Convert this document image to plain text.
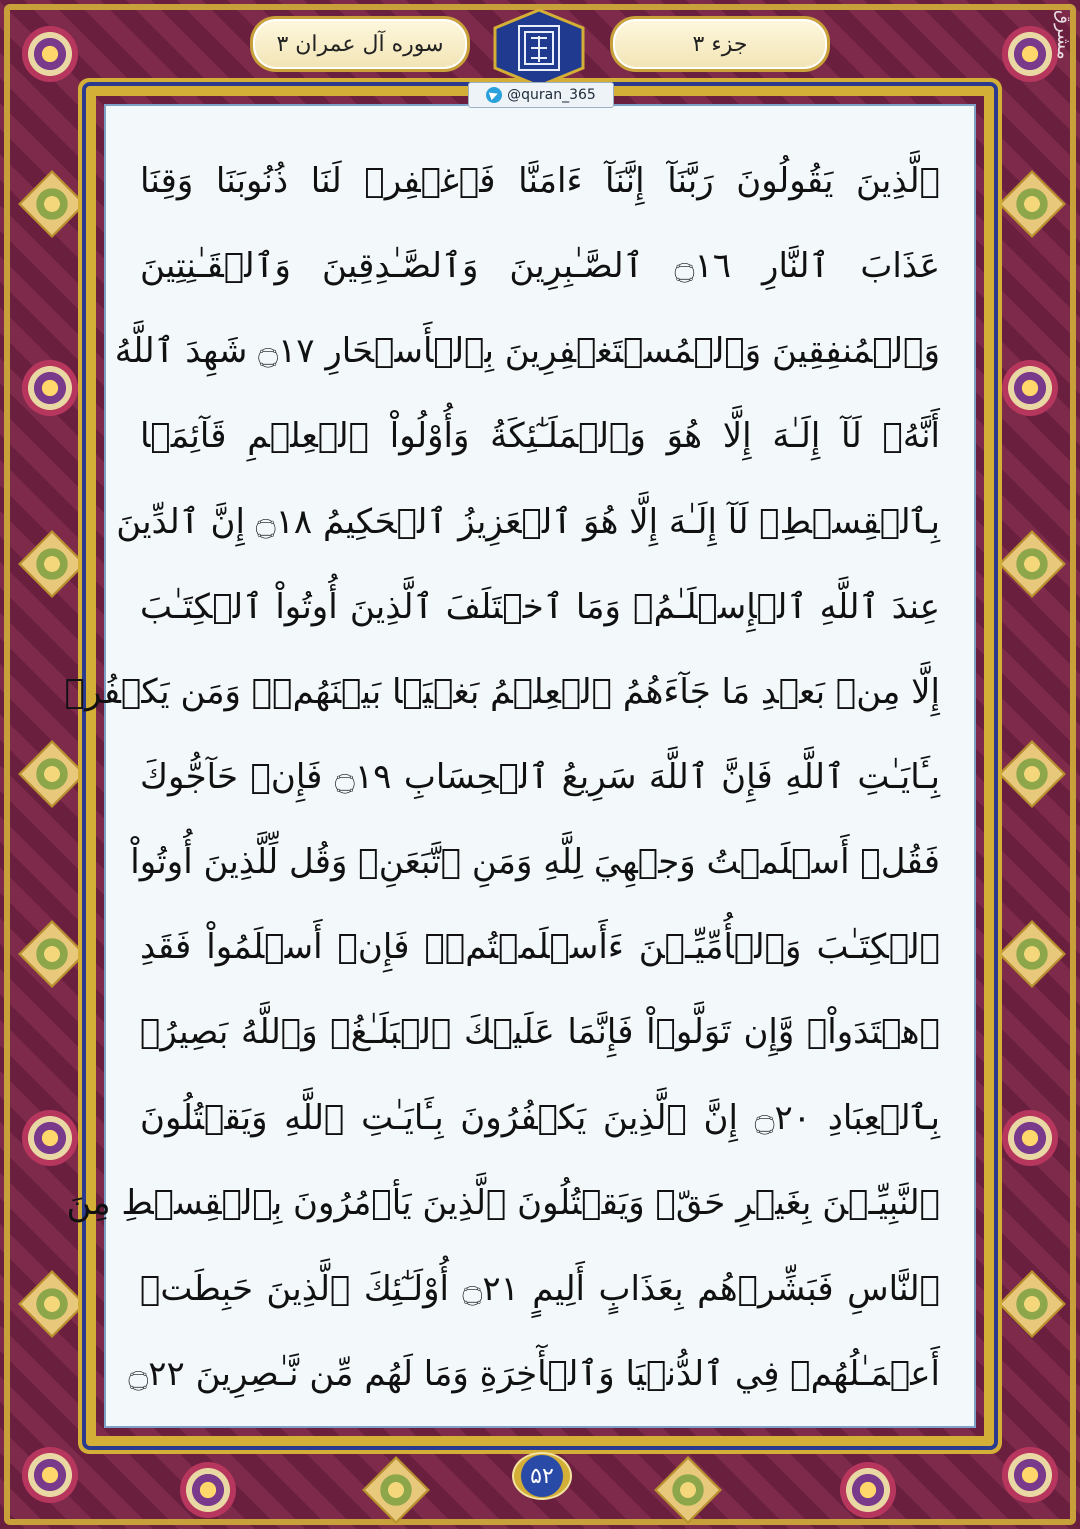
جزء ۳
سوره آل عمران ۳
@quran_365
مشرق
ٱلَّذِينَ يَقُولُونَ رَبَّنَآ إِنَّنَآ ءَامَنَّا فَٱغۡفِرۡ لَنَا ذُنُوبَنَا وَقِنَا
عَذَابَ ٱلنَّارِ ۝١٦ ٱلصَّـٰبِرِينَ وَٱلصَّـٰدِقِينَ وَٱلۡقَـٰنِتِينَ
وَٱلۡمُنفِقِينَ وَٱلۡمُسۡتَغۡفِرِينَ بِٱلۡأَسۡحَارِ ۝١٧ شَهِدَ ٱللَّهُ
أَنَّهُۥ لَآ إِلَـٰهَ إِلَّا هُوَ وَٱلۡمَلَـٰٓئِكَةُ وَأُوْلُواْ ٱلۡعِلۡمِ قَآئِمَۢا
بِٱلۡقِسۡطِۚ لَآ إِلَـٰهَ إِلَّا هُوَ ٱلۡعَزِيزُ ٱلۡحَكِيمُ ۝١٨ إِنَّ ٱلدِّينَ
عِندَ ٱللَّهِ ٱلۡإِسۡلَـٰمُۗ وَمَا ٱخۡتَلَفَ ٱلَّذِينَ أُوتُواْ ٱلۡكِتَـٰبَ
إِلَّا مِنۢ بَعۡدِ مَا جَآءَهُمُ ٱلۡعِلۡمُ بَغۡيَۢا بَيۡنَهُمۡۗ وَمَن يَكۡفُرۡ
بِـَٔايَـٰتِ ٱللَّهِ فَإِنَّ ٱللَّهَ سَرِيعُ ٱلۡحِسَابِ ۝١٩ فَإِنۡ حَآجُّوكَ
فَقُلۡ أَسۡلَمۡتُ وَجۡهِيَ لِلَّهِ وَمَنِ ٱتَّبَعَنِۗ وَقُل لِّلَّذِينَ أُوتُواْ
ٱلۡكِتَـٰبَ وَٱلۡأُمِّيِّـۧنَ ءَأَسۡلَمۡتُمۡۚ فَإِنۡ أَسۡلَمُواْ فَقَدِ
ٱهۡتَدَواْۖ وَّإِن تَوَلَّوۡاْ فَإِنَّمَا عَلَيۡكَ ٱلۡبَلَـٰغُۗ وَٱللَّهُ بَصِيرُۢ
بِٱلۡعِبَادِ ۝٢٠ إِنَّ ٱلَّذِينَ يَكۡفُرُونَ بِـَٔايَـٰتِ ٱللَّهِ وَيَقۡتُلُونَ
ٱلنَّبِيِّـۧنَ بِغَيۡرِ حَقّٖ وَيَقۡتُلُونَ ٱلَّذِينَ يَأۡمُرُونَ بِٱلۡقِسۡطِ مِنَ
ٱلنَّاسِ فَبَشِّرۡهُم بِعَذَابٍ أَلِيمٍ ۝٢١ أُوْلَـٰٓئِكَ ٱلَّذِينَ حَبِطَتۡ
أَعۡمَـٰلُهُمۡ فِي ٱلدُّنۡيَا وَٱلۡأٓخِرَةِ وَمَا لَهُم مِّن نَّـٰصِرِينَ ۝٢٢
۵۲
